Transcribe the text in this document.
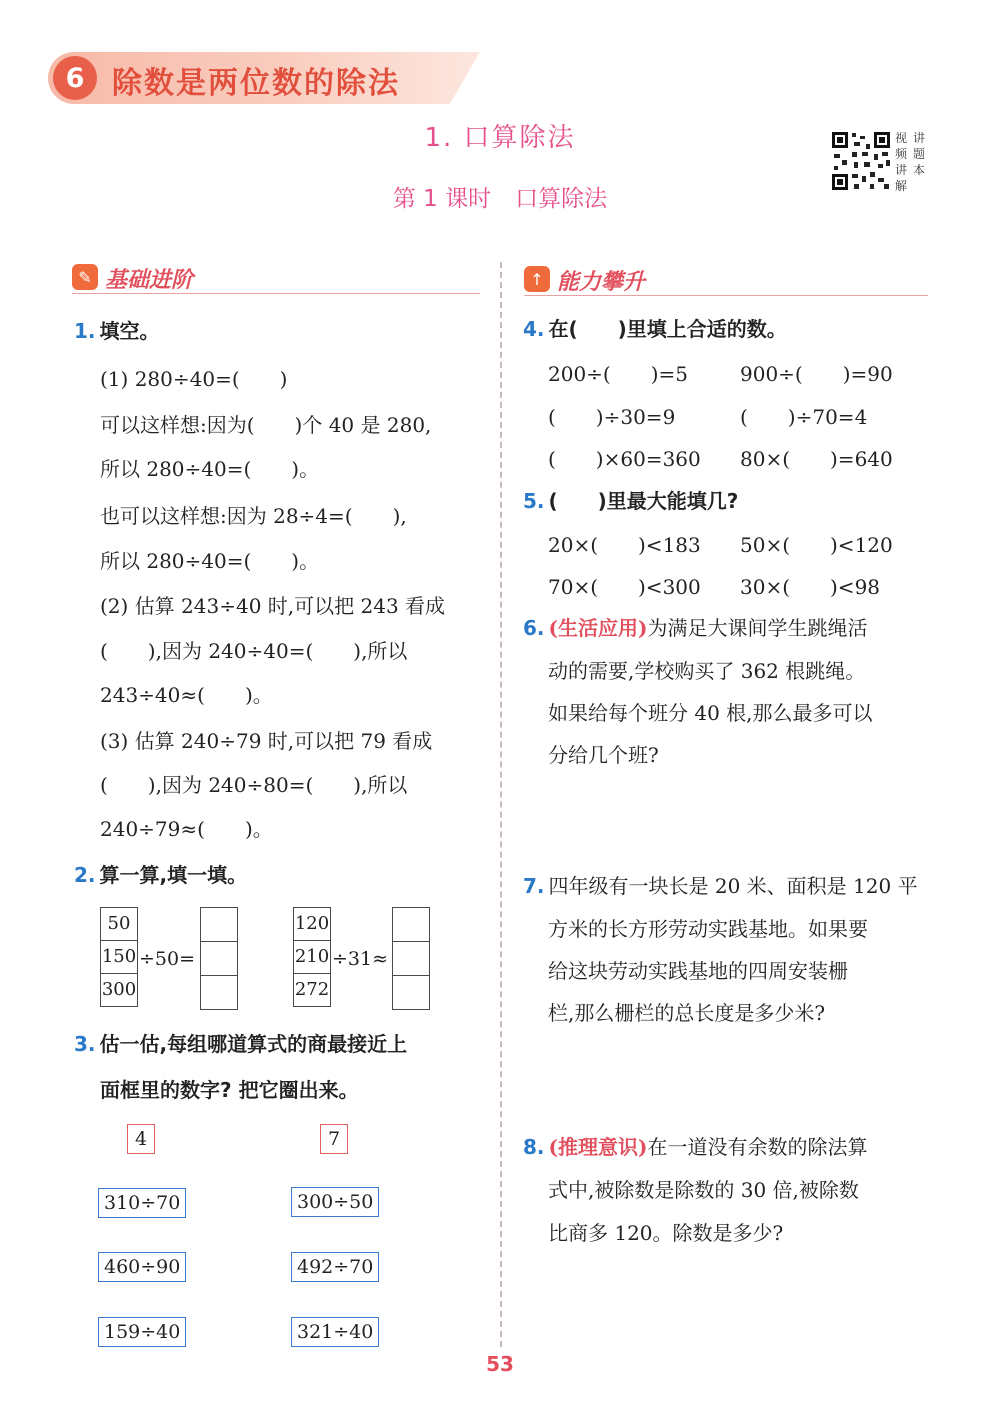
6 除数是两位数的除法
1. 口算除法
第 1 课时 口算除法
视频讲解
讲题本
✎ 基础进阶	↑ 能力攀升
1. 填空。
(1) 280÷40=(　　)
可以这样想:因为(　　)个 40 是 280,
所以 280÷40=(　　)。
也可以这样想:因为 28÷4=(　　),
所以 280÷40=(　　)。
(2) 估算 243÷40 时,可以把 243 看成
(　　),因为 240÷40=(　　),所以
243÷40≈(　　)。
(3) 估算 240÷79 时,可以把 79 看成
(　　),因为 240÷80=(　　),所以
240÷79≈(　　)。
2. 算一算,填一填。
50
150
300
÷50=
120
210
272
÷31≈
3. 估一估,每组哪道算式的商最接近上
面框里的数字? 把它圈出来。
4
310÷70
460÷90
159÷40
7
300÷50
492÷70
321÷40
4. 在(　　)里填上合适的数。
200÷(　　)=5	900÷(　　)=90
(　　)÷30=9	(　　)÷70=4
(　　)×60=360 80×(　　)=640
5. (　　)里最大能填几?
20×(　　)<183 50×(　　)<120
70×(　　)<300 30×(　　)<98
6. (生活应用)为满足大课间学生跳绳活
动的需要,学校购买了 362 根跳绳。
如果给每个班分 40 根,那么最多可以
分给几个班?
7. 四年级有一块长是 20 米、面积是 120 平
方米的长方形劳动实践基地。如果要
给这块劳动实践基地的四周安装栅
栏,那么栅栏的总长度是多少米?
8. (推理意识)在一道没有余数的除法算
式中,被除数是除数的 30 倍,被除数
比商多 120。除数是多少?
53
